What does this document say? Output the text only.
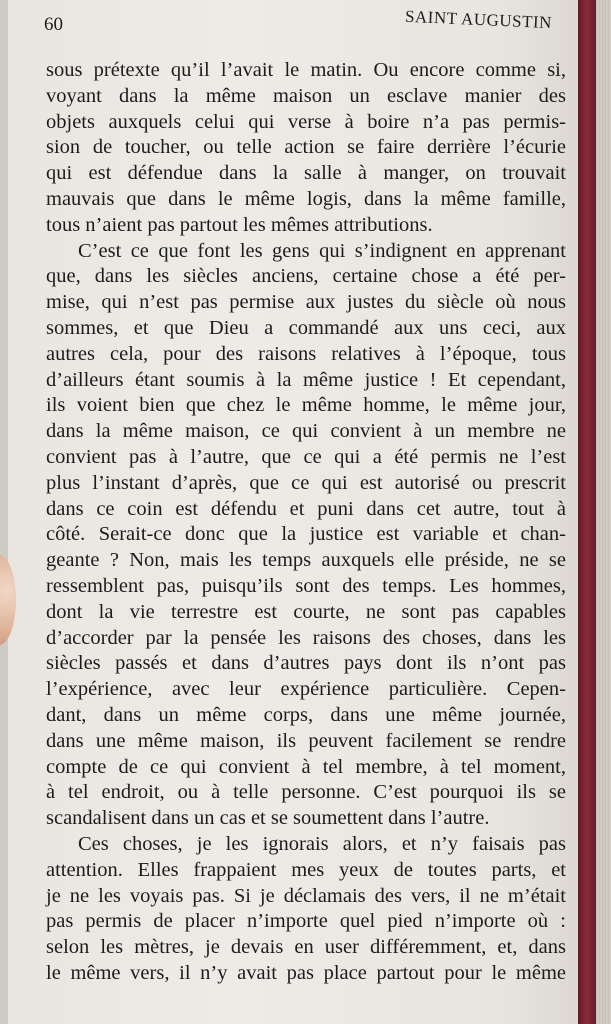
60	SAINT AUGUSTIN
sous prétexte qu’il l’avait le matin. Ou encore comme si,
voyant dans la même maison un esclave manier des
objets auxquels celui qui verse à boire n’a pas permis-
sion de toucher, ou telle action se faire derrière l’écurie
qui est défendue dans la salle à manger, on trouvait
mauvais que dans le même logis, dans la même famille,
tous n’aient pas partout les mêmes attributions.
C’est ce que font les gens qui s’indignent en apprenant
que, dans les siècles anciens, certaine chose a été per-
mise, qui n’est pas permise aux justes du siècle où nous
sommes, et que Dieu a commandé aux uns ceci, aux
autres cela, pour des raisons relatives à l’époque, tous
d’ailleurs étant soumis à la même justice ! Et cependant,
ils voient bien que chez le même homme, le même jour,
dans la même maison, ce qui convient à un membre ne
convient pas à l’autre, que ce qui a été permis ne l’est
plus l’instant d’après, que ce qui est autorisé ou prescrit
dans ce coin est défendu et puni dans cet autre, tout à
côté. Serait-ce donc que la justice est variable et chan-
geante ? Non, mais les temps auxquels elle préside, ne se
ressemblent pas, puisqu’ils sont des temps. Les hommes,
dont la vie terrestre est courte, ne sont pas capables
d’accorder par la pensée les raisons des choses, dans les
siècles passés et dans d’autres pays dont ils n’ont pas
l’expérience, avec leur expérience particulière. Cepen-
dant, dans un même corps, dans une même journée,
dans une même maison, ils peuvent facilement se rendre
compte de ce qui convient à tel membre, à tel moment,
à tel endroit, ou à telle personne. C’est pourquoi ils se
scandalisent dans un cas et se soumettent dans l’autre.
Ces choses, je les ignorais alors, et n’y faisais pas
attention. Elles frappaient mes yeux de toutes parts, et
je ne les voyais pas. Si je déclamais des vers, il ne m’était
pas permis de placer n’importe quel pied n’importe où :
selon les mètres, je devais en user différemment, et, dans
le même vers, il n’y avait pas place partout pour le même
